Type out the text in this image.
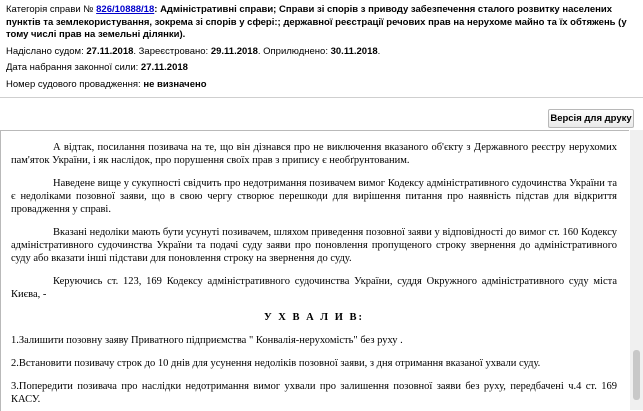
Категорія справи № 826/10888/18: Адміністративні справи; Справи зі спорів з приводу забезпечення сталого розвитку населених пунктів та землекористування, зокрема зі спорів у сфері:; державної реєстрації речових прав на нерухоме майно та їх обтяжень (у тому числі прав на земельні ділянки).
Надіслано судом: 27.11.2018. Зареєстровано: 29.11.2018. Оприлюднено: 30.11.2018.
Дата набрання законної сили: 27.11.2018
Номер судового провадження: не визначено
Версія для друку

А відтак, посилання позивача на те, що він дізнався про не виключення вказаного об'єкту з Державного реєстру нерухомих пам'яток України, і як наслідок, про порушення своїх прав з припису є необґрунтованим.

Наведене вище у сукупності свідчить про недотримання позивачем вимог Кодексу адміністративного судочинства України та є недоліками позовної заяви, що в свою чергу створює перешкоди для вирішення питання про наявність підстав для відкриття провадження у справі.

Вказані недоліки мають бути усунуті позивачем, шляхом приведення позовної заяви у відповідності до вимог ст. 160 Кодексу адміністративного судочинства України та подачі суду заяви про поновлення пропущеного строку звернення до адміністративного суду або вказати інші підстави для поновлення строку на звернення до суду.

Керуючись ст. 123, 169 Кодексу адміністративного судочинства України, суддя Окружного адміністративного суду міста Києва, -

У Х В А Л И В:

1.Залишити позовну заяву Приватного підприємства " Конвалія-нерухомість" без руху .

2.Встановити позивачу строк до 10 днів для усунення недоліків позовної заяви, з дня отримання вказаної ухвали суду.

3.Попередити позивача про наслідки недотримання вимог ухвали про залишення позовної заяви без руху, передбачені ч.4 ст. 169 КАСУ.
